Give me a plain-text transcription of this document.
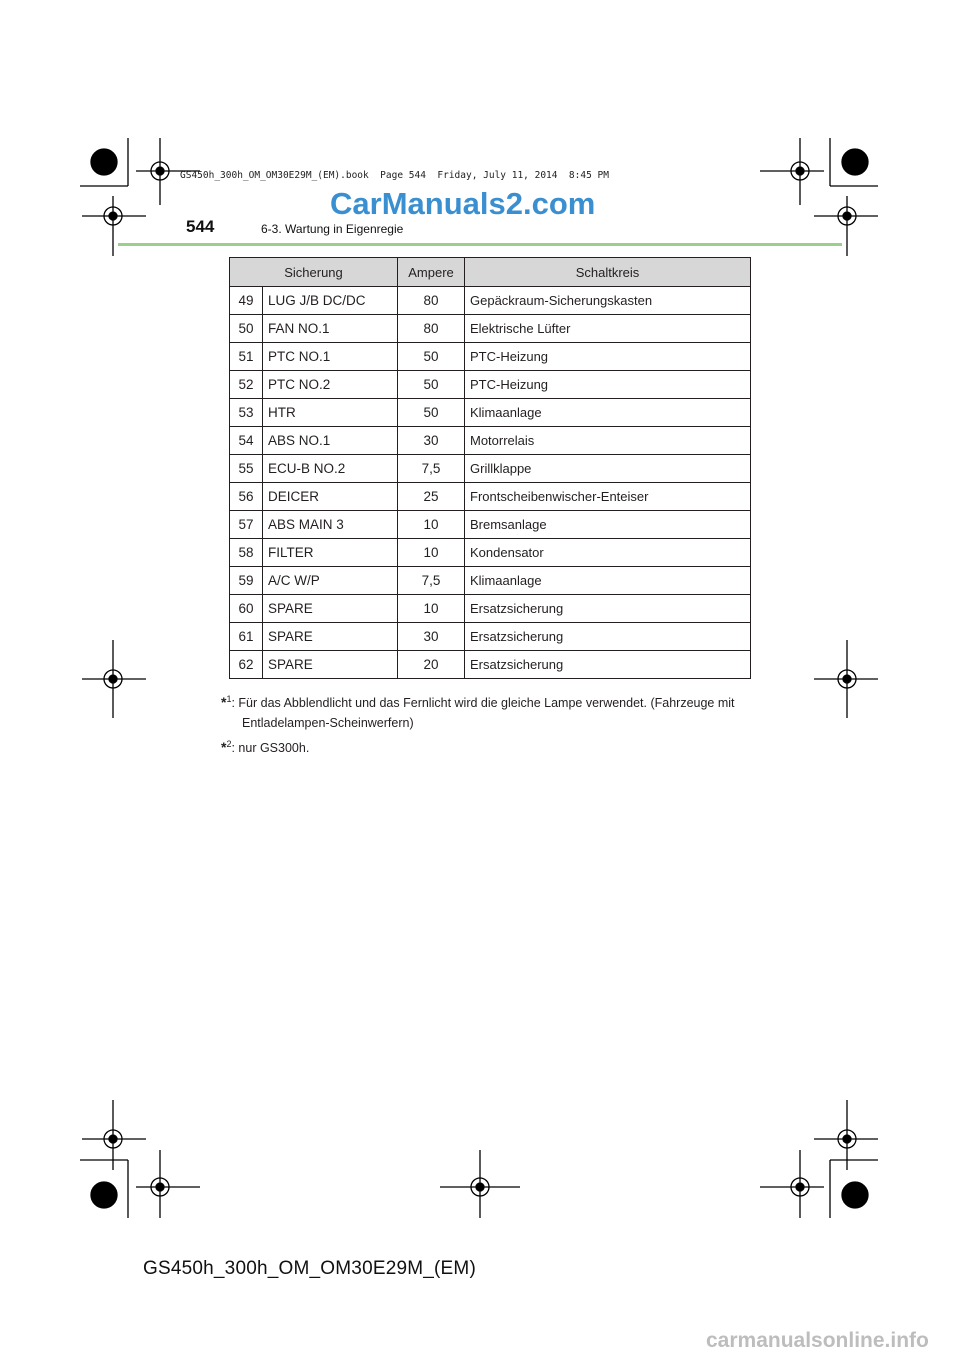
GS450h_300h_OM_OM30E29M_(EM).book  Page 544  Friday, July 11, 2014  8:45 PM
CarManuals2.com
544	6-3. Wartung in Eigenregie
Sicherung		Ampere	Schaltkreis
49	LUG J/B DC/DC	80	Gepäckraum-Sicherungskasten
50	FAN NO.1	80	Elektrische Lüfter
51	PTC NO.1	50	PTC-Heizung
52	PTC NO.2	50	PTC-Heizung
53	HTR	50	Klimaanlage
54	ABS NO.1	30	Motorrelais
55	ECU-B NO.2	7,5	Grillklappe
56	DEICER	25	Frontscheibenwischer-Enteiser
57	ABS MAIN 3	10	Bremsanlage
58	FILTER	10	Kondensator
59	A/C W/P	7,5	Klimaanlage
60	SPARE	10	Ersatzsicherung
61	SPARE	30	Ersatzsicherung
62	SPARE	20	Ersatzsicherung
*$^1$: Für das Abblendlicht und das Fernlicht wird die gleiche Lampe verwendet. (Fahrzeuge mit
Entladelampen-Scheinwerfern)
*$^2$: nur GS300h.
GS450h_300h_OM_OM30E29M_(EM)
carmanualsonline.info
